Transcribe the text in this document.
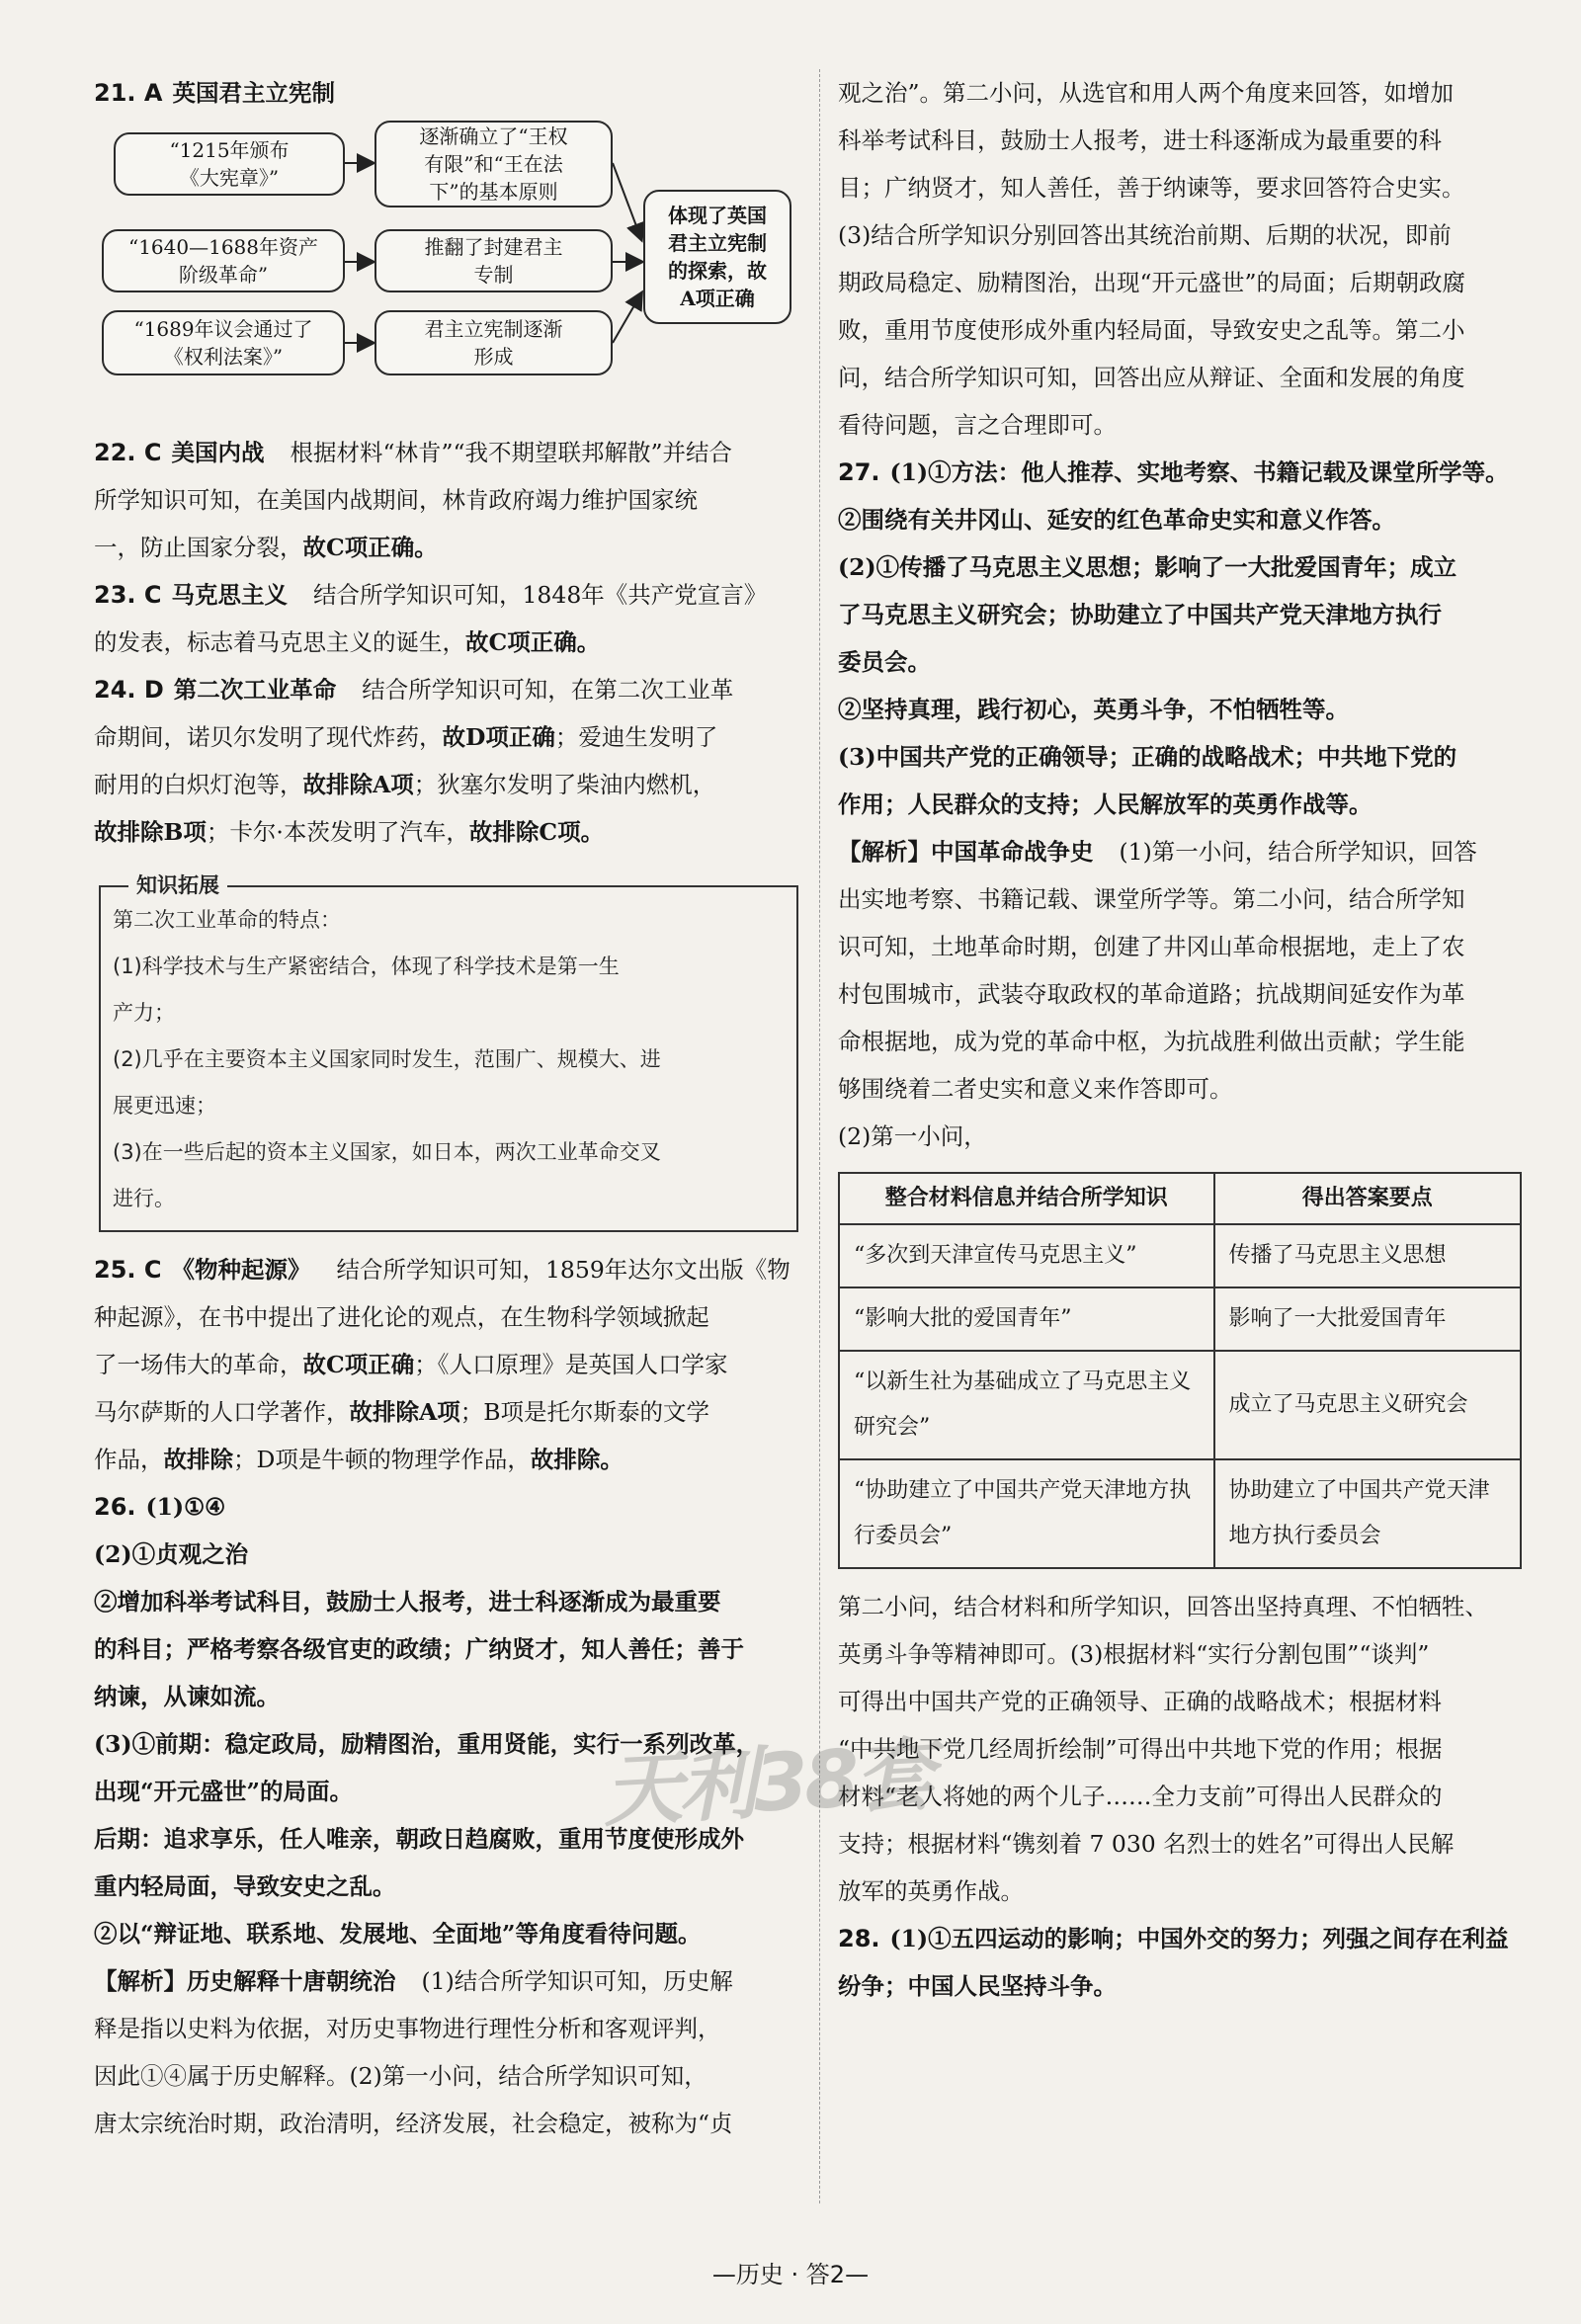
21. A 英国君主立宪制

“1215年颁布
《大宪章》”
“1640—1688年资产
阶级革命”
“1689年议会通过了
《权利法案》”
逐渐确立了“王权
有限”和“王在法
下”的基本原则
推翻了封建君主
专制
君主立宪制逐渐
形成
体现了英国
君主立宪制
的探索，故
A项正确

22. C 美国内战 根据材料“林肯”“我不期望联邦解散”并结合

所学知识可知，在美国内战期间，林肯政府竭力维护国家统

一，防止国家分裂，故C项正确。

23. C 马克思主义 结合所学知识可知，1848年《共产党宣言》

的发表，标志着马克思主义的诞生，故C项正确。

24. D 第二次工业革命 结合所学知识可知，在第二次工业革

命期间，诺贝尔发明了现代炸药，故D项正确；爱迪生发明了

耐用的白炽灯泡等，故排除A项；狄塞尔发明了柴油内燃机，

故排除B项；卡尔·本茨发明了汽车，故排除C项。

知识拓展
第二次工业革命的特点：
(1)科学技术与生产紧密结合，体现了科学技术是第一生
产力；
(2)几乎在主要资本主义国家同时发生，范围广、规模大、进
展更迅速；
(3)在一些后起的资本主义国家，如日本，两次工业革命交叉
进行。

25. C 《物种起源》 结合所学知识可知，1859年达尔文出版《物

种起源》，在书中提出了进化论的观点，在生物科学领域掀起

了一场伟大的革命，故C项正确；《人口原理》是英国人口学家

马尔萨斯的人口学著作，故排除A项；B项是托尔斯泰的文学

作品，故排除；D项是牛顿的物理学作品，故排除。

26. (1)①④

(2)①贞观之治

②增加科举考试科目，鼓励士人报考，进士科逐渐成为最重要

的科目；严格考察各级官吏的政绩；广纳贤才，知人善任；善于

纳谏，从谏如流。

(3)①前期：稳定政局，励精图治，重用贤能，实行一系列改革，

出现“开元盛世”的局面。

后期：追求享乐，任人唯亲，朝政日趋腐败，重用节度使形成外

重内轻局面，导致安史之乱。

②以“辩证地、联系地、发展地、全面地”等角度看待问题。

【解析】历史解释十唐朝统治 (1)结合所学知识可知，历史解

释是指以史料为依据，对历史事物进行理性分析和客观评判，

因此①④属于历史解释。(2)第一小问，结合所学知识可知，

唐太宗统治时期，政治清明，经济发展，社会稳定，被称为“贞

观之治”。第二小问，从选官和用人两个角度来回答，如增加

科举考试科目，鼓励士人报考，进士科逐渐成为最重要的科

目；广纳贤才，知人善任，善于纳谏等，要求回答符合史实。

(3)结合所学知识分别回答出其统治前期、后期的状况，即前

期政局稳定、励精图治，出现“开元盛世”的局面；后期朝政腐

败，重用节度使形成外重内轻局面，导致安史之乱等。第二小

问，结合所学知识可知，回答出应从辩证、全面和发展的角度

看待问题，言之合理即可。

27. (1)①方法：他人推荐、实地考察、书籍记载及课堂所学等。

②围绕有关井冈山、延安的红色革命史实和意义作答。

(2)①传播了马克思主义思想；影响了一大批爱国青年；成立

了马克思主义研究会；协助建立了中国共产党天津地方执行

委员会。

②坚持真理，践行初心，英勇斗争，不怕牺牲等。

(3)中国共产党的正确领导；正确的战略战术；中共地下党的

作用；人民群众的支持；人民解放军的英勇作战等。

【解析】中国革命战争史 (1)第一小问，结合所学知识，回答

出实地考察、书籍记载、课堂所学等。第二小问，结合所学知

识可知，土地革命时期，创建了井冈山革命根据地，走上了农

村包围城市，武装夺取政权的革命道路；抗战期间延安作为革

命根据地，成为党的革命中枢，为抗战胜利做出贡献；学生能

够围绕着二者史实和意义来作答即可。

(2)第一小问，

整合材料信息并结合所学知识	得出答案要点
“多次到天津宣传马克思主义”	传播了马克思主义思想
“影响大批的爱国青年”	影响了一大批爱国青年
“以新生社为基础成立了马克思主义研究会”	成立了马克思主义研究会
“协助建立了中国共产党天津地方执行委员会”	协助建立了中国共产党天津地方执行委员会

第二小问，结合材料和所学知识，回答出坚持真理、不怕牺牲、

英勇斗争等精神即可。(3)根据材料“实行分割包围”“谈判”

可得出中国共产党的正确领导、正确的战略战术；根据材料

“中共地下党几经周折绘制”可得出中共地下党的作用；根据

材料“老人将她的两个儿子……全力支前”可得出人民群众的

支持；根据材料“镌刻着 7 030 名烈士的姓名”可得出人民解

放军的英勇作战。

28. (1)①五四运动的影响；中国外交的努力；列强之间存在利益

纷争；中国人民坚持斗争。

天利38套
—历史 · 答2—
